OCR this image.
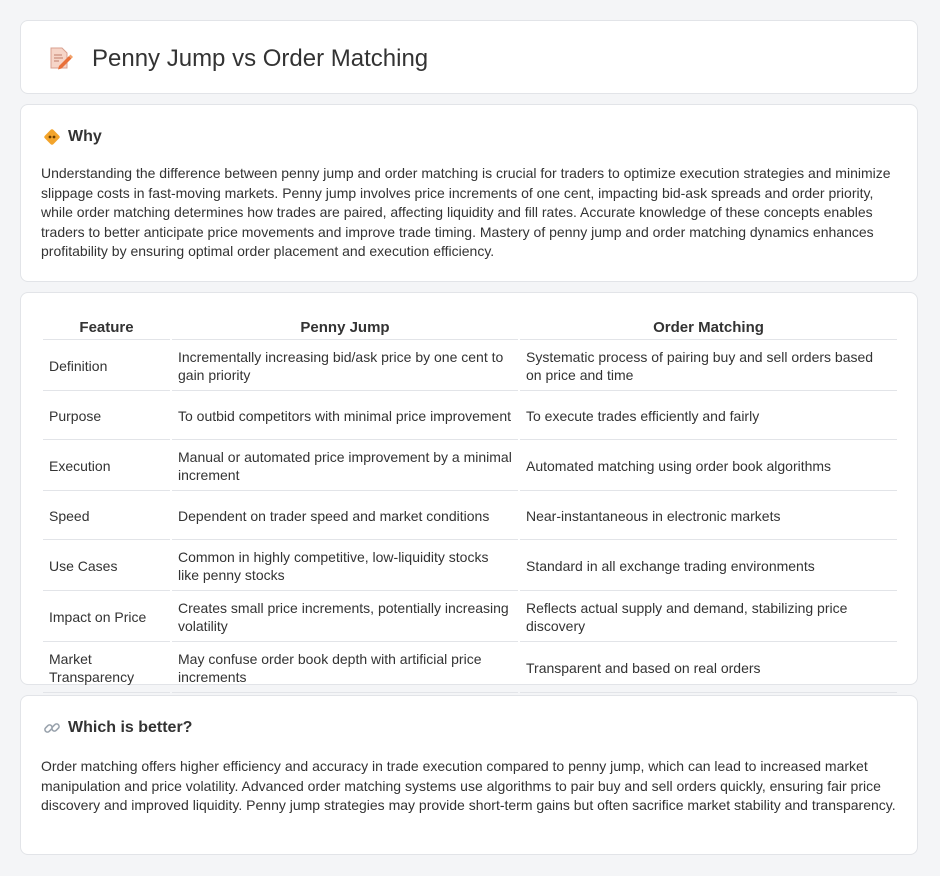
Penny Jump vs Order Matching
Why

Understanding the difference between penny jump and order matching is crucial for traders to optimize execution strategies and minimize slippage costs in fast-moving markets. Penny jump involves price increments of one cent, impacting bid-ask spreads and order priority, while order matching determines how trades are paired, affecting liquidity and fill rates. Accurate knowledge of these concepts enables traders to better anticipate price movements and improve trade timing. Mastery of penny jump and order matching dynamics enhances profitability by ensuring optimal order placement and execution efficiency.

Feature	Penny Jump	Order Matching
Definition	Incrementally increasing bid/ask price by one cent to gain priority	Systematic process of pairing buy and sell orders based on price and time
Purpose	To outbid competitors with minimal price improvement	To execute trades efficiently and fairly
Execution	Manual or automated price improvement by a minimal increment	Automated matching using order book algorithms
Speed	Dependent on trader speed and market conditions	Near-instantaneous in electronic markets
Use Cases	Common in highly competitive, low-liquidity stocks like penny stocks	Standard in all exchange trading environments
Impact on Price	Creates small price increments, potentially increasing volatility	Reflects actual supply and demand, stabilizing price discovery
Market Transparency	May confuse order book depth with artificial price increments	Transparent and based on real orders
Which is better?

Order matching offers higher efficiency and accuracy in trade execution compared to penny jump, which can lead to increased market manipulation and price volatility. Advanced order matching systems use algorithms to pair buy and sell orders quickly, ensuring fair price discovery and improved liquidity. Penny jump strategies may provide short-term gains but often sacrifice market stability and transparency.
